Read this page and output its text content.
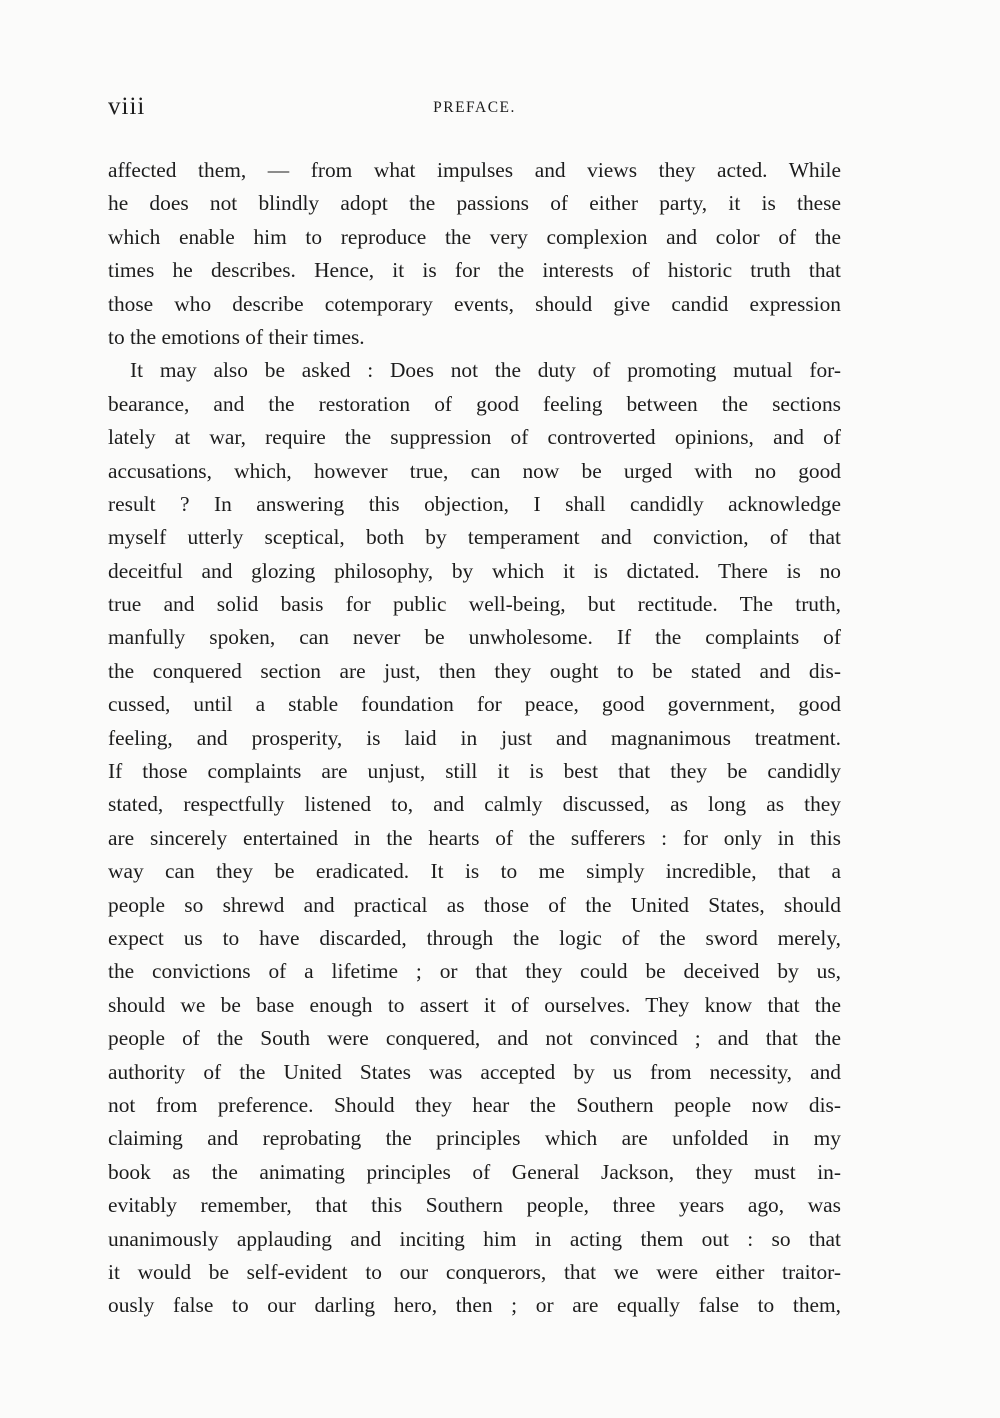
viii	PREFACE.
affected them, — from what impulses and views they acted. While
he does not blindly adopt the passions of either party, it is these
which enable him to reproduce the very complexion and color of the
times he describes. Hence, it is for the interests of historic truth that
those who describe cotemporary events, should give candid expression
to the emotions of their times.
It may also be asked : Does not the duty of promoting mutual for-
bearance, and the restoration of good feeling between the sections
lately at war, require the suppression of controverted opinions, and of
accusations, which, however true, can now be urged with no good
result ? In answering this objection, I shall candidly acknowledge
myself utterly sceptical, both by temperament and conviction, of that
deceitful and glozing philosophy, by which it is dictated. There is no
true and solid basis for public well-being, but rectitude. The truth,
manfully spoken, can never be unwholesome. If the complaints of
the conquered section are just, then they ought to be stated and dis-
cussed, until a stable foundation for peace, good government, good
feeling, and prosperity, is laid in just and magnanimous treatment.
If those complaints are unjust, still it is best that they be candidly
stated, respectfully listened to, and calmly discussed, as long as they
are sincerely entertained in the hearts of the sufferers : for only in this
way can they be eradicated. It is to me simply incredible, that a
people so shrewd and practical as those of the United States, should
expect us to have discarded, through the logic of the sword merely,
the convictions of a lifetime ; or that they could be deceived by us,
should we be base enough to assert it of ourselves. They know that the
people of the South were conquered, and not convinced ; and that the
authority of the United States was accepted by us from necessity, and
not from preference. Should they hear the Southern people now dis-
claiming and reprobating the principles which are unfolded in my
book as the animating principles of General Jackson, they must in-
evitably remember, that this Southern people, three years ago, was
unanimously applauding and inciting him in acting them out : so that
it would be self-evident to our conquerors, that we were either traitor-
ously false to our darling hero, then ; or are equally false to them,
